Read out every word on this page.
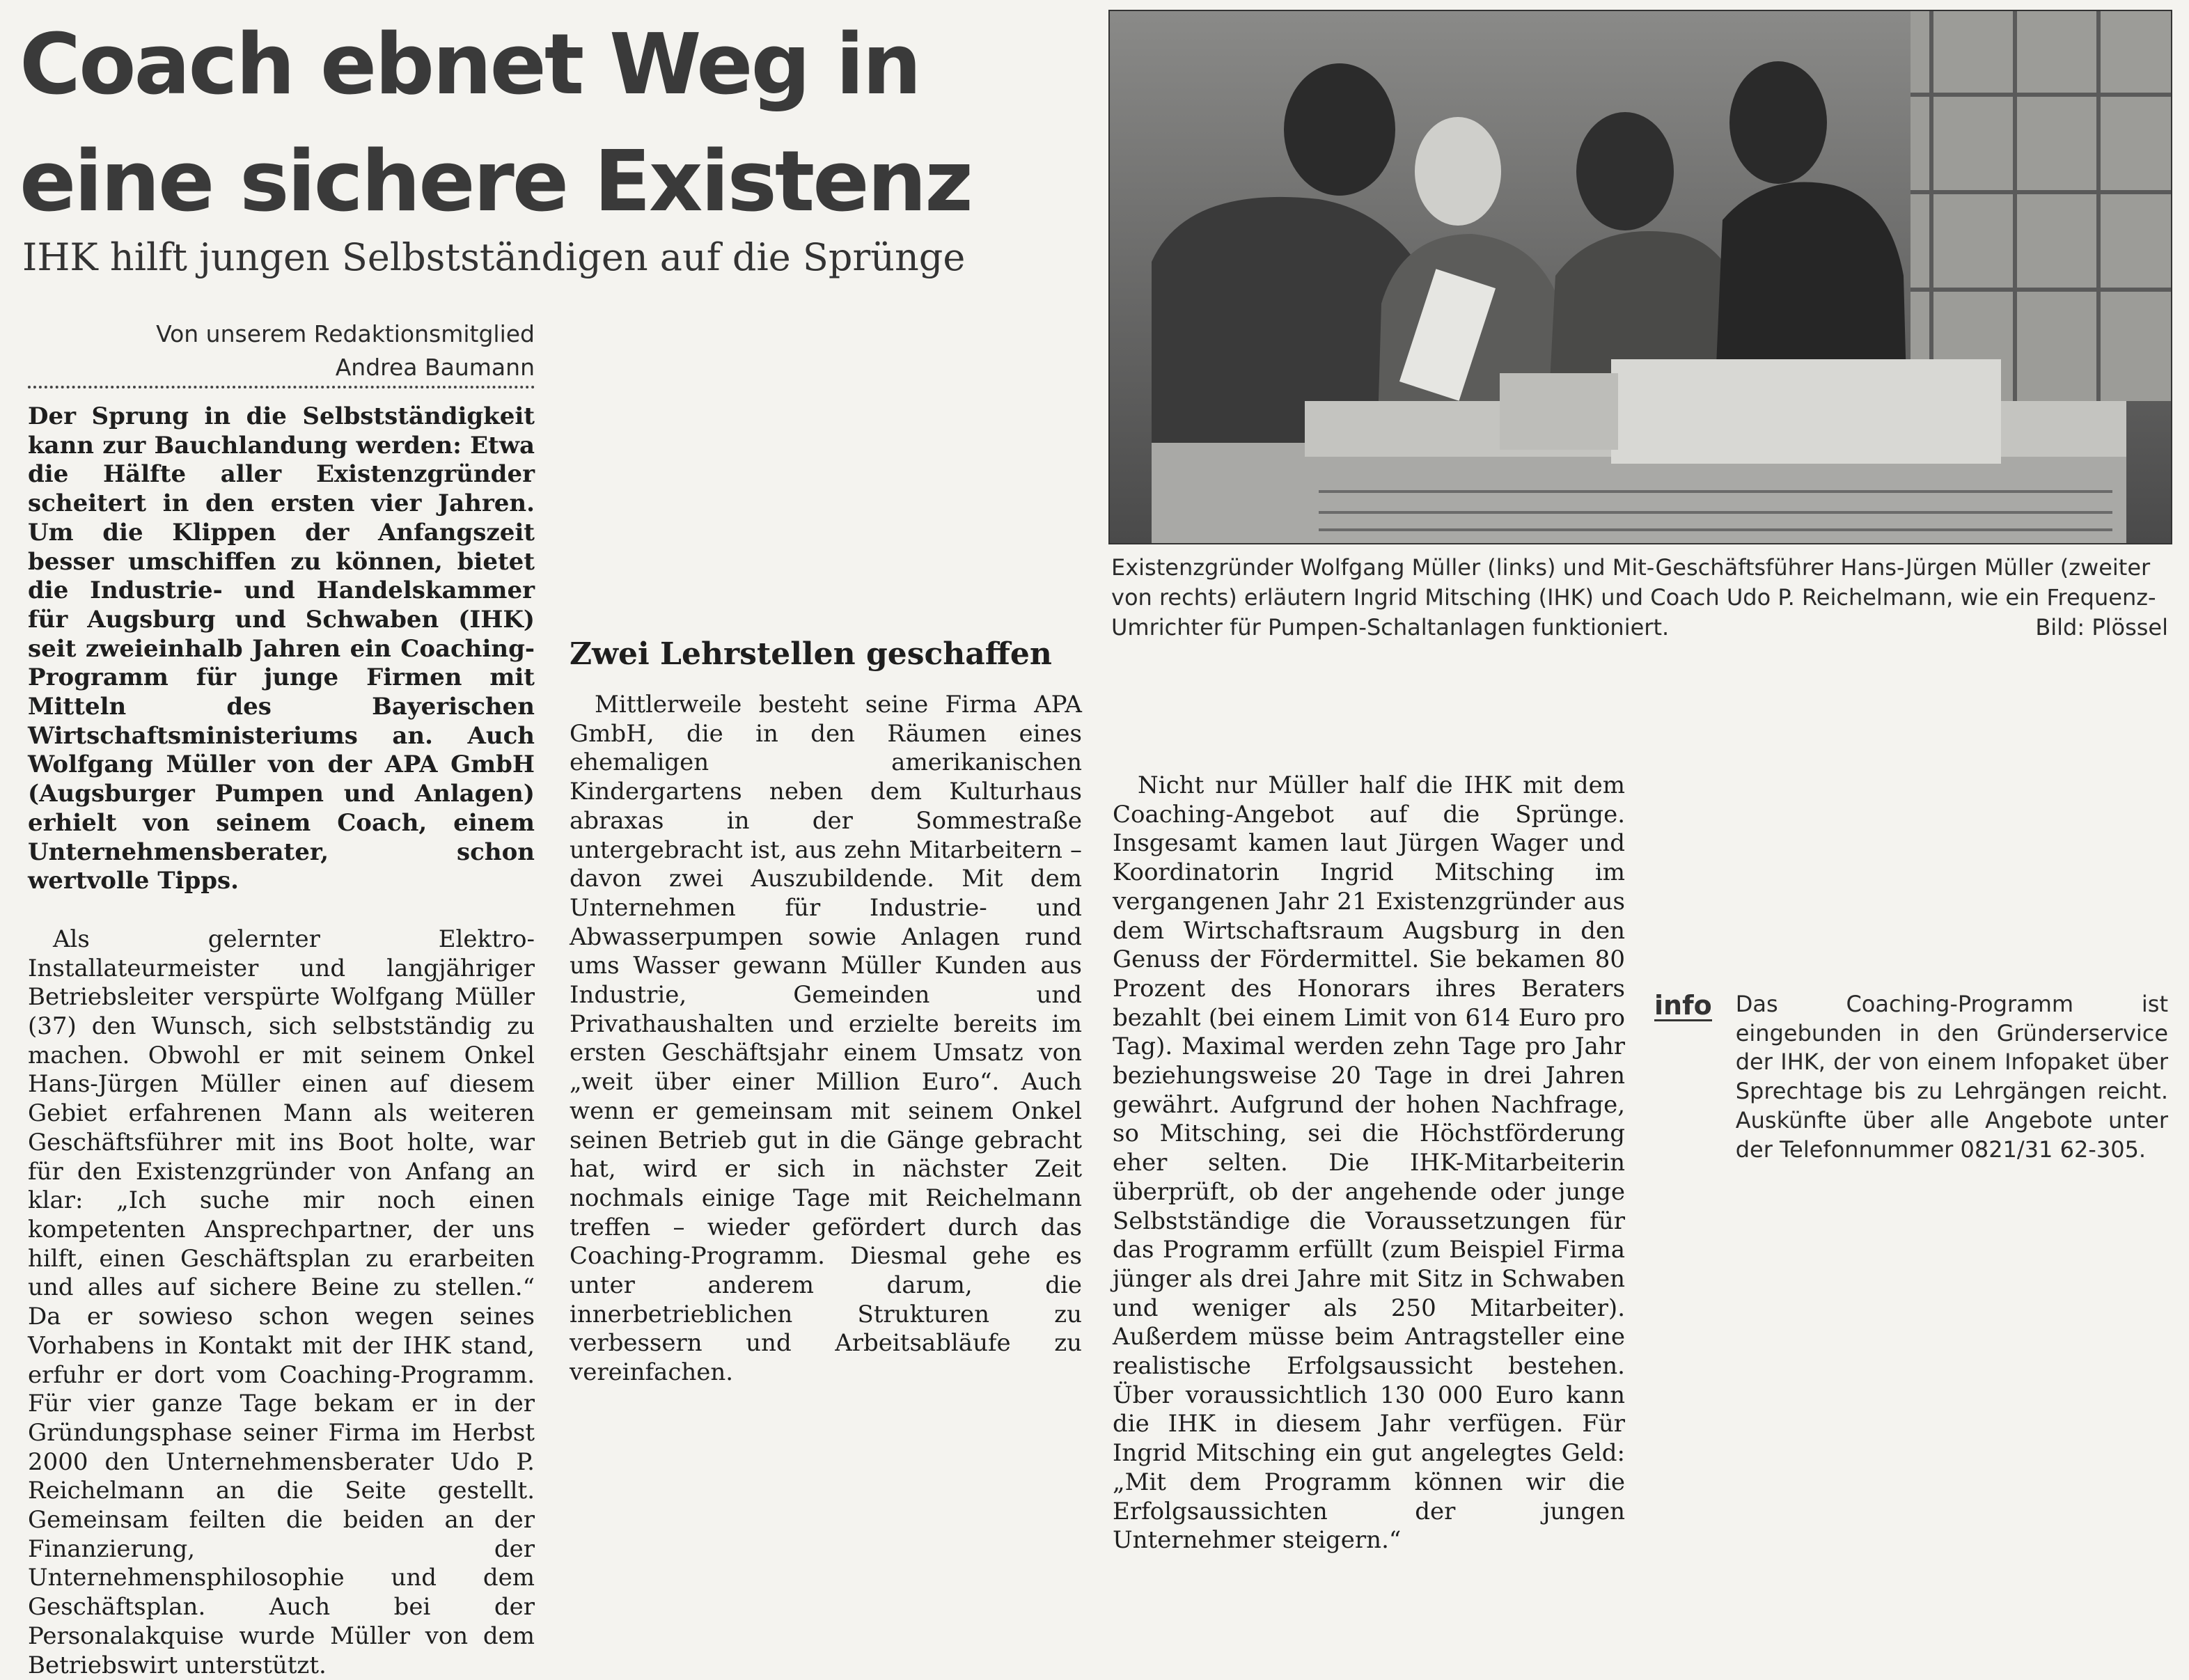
Coach ebnet Weg in eine sichere Existenz
IHK hilft jungen Selbstständigen auf die Sprünge
Von unserem Redaktionsmitglied
Andrea Baumann

Der Sprung in die Selbstständigkeit kann zur Bauchlandung werden: Etwa die Hälfte aller Existenzgründer scheitert in den ersten vier Jahren. Um die Klippen der Anfangszeit besser umschiffen zu können, bietet die Industrie- und Handelskammer für Augsburg und Schwaben (IHK) seit zweieinhalb Jahren ein Coaching-Programm für junge Firmen mit Mitteln des Bayerischen Wirtschaftsministeriums an. Auch Wolfgang Müller von der APA GmbH (Augsburger Pumpen und Anlagen) erhielt von seinem Coach, einem Unternehmensberater, schon wertvolle Tipps.

Als gelernter Elektro-Installateurmeister und langjähriger Betriebsleiter verspürte Wolfgang Müller (37) den Wunsch, sich selbstständig zu machen. Obwohl er mit seinem Onkel Hans-Jürgen Müller einen auf diesem Gebiet erfahrenen Mann als weiteren Geschäftsführer mit ins Boot holte, war für den Existenzgründer von Anfang an klar: „Ich suche mir noch einen kompetenten Ansprechpartner, der uns hilft, einen Geschäftsplan zu erarbeiten und alles auf sichere Beine zu stellen.“ Da er sowieso schon wegen seines Vorhabens in Kontakt mit der IHK stand, erfuhr er dort vom Coaching-Programm. Für vier ganze Tage bekam er in der Gründungsphase seiner Firma im Herbst 2000 den Unternehmensberater Udo P. Reichelmann an die Seite gestellt. Gemeinsam feilten die beiden an der Finanzierung, der Unternehmensphilosophie und dem Geschäftsplan. Auch bei der Personalakquise wurde Müller von dem Betriebswirt unterstützt.

Zwei Lehrstellen geschaffen

Mittlerweile besteht seine Firma APA GmbH, die in den Räumen eines ehemaligen amerikanischen Kindergartens neben dem Kulturhaus abraxas in der Sommestraße untergebracht ist, aus zehn Mitarbeitern – davon zwei Auszubildende. Mit dem Unternehmen für Industrie- und Abwasserpumpen sowie Anlagen rund ums Wasser gewann Müller Kunden aus Industrie, Gemeinden und Privathaushalten und erzielte bereits im ersten Geschäftsjahr einem Umsatz von „weit über einer Million Euro“. Auch wenn er gemeinsam mit seinem Onkel seinen Betrieb gut in die Gänge gebracht hat, wird er sich in nächster Zeit nochmals einige Tage mit Reichelmann treffen – wieder gefördert durch das Coaching-Programm. Diesmal gehe es unter anderem darum, die innerbetrieblichen Strukturen zu verbessern und Arbeitsabläufe zu vereinfachen.

Nicht nur Müller half die IHK mit dem Coaching-Angebot auf die Sprünge. Insgesamt kamen laut Jürgen Wager und Koordinatorin Ingrid Mitsching im vergangenen Jahr 21 Existenzgründer aus dem Wirtschaftsraum Augsburg in den Genuss der Fördermittel. Sie bekamen 80 Prozent des Honorars ihres Beraters bezahlt (bei einem Limit von 614 Euro pro Tag). Maximal werden zehn Tage pro Jahr beziehungsweise 20 Tage in drei Jahren gewährt. Aufgrund der hohen Nachfrage, so Mitsching, sei die Höchstförderung eher selten. Die IHK-Mitarbeiterin überprüft, ob der angehende oder junge Selbstständige die Voraussetzungen für das Programm erfüllt (zum Beispiel Firma jünger als drei Jahre mit Sitz in Schwaben und weniger als 250 Mitarbeiter). Außerdem müsse beim Antragsteller eine realistische Erfolgsaussicht bestehen. Über voraussichtlich 130 000 Euro kann die IHK in diesem Jahr verfügen. Für Ingrid Mitsching ein gut angelegtes Geld: „Mit dem Programm können wir die Erfolgsaussichten der jungen Unternehmer steigern.“

info Das Coaching-Programm ist eingebunden in den Gründerservice der IHK, der von einem Infopaket über Sprechtage bis zu Lehrgängen reicht. Auskünfte über alle Angebote unter der Telefonnummer 0821/31 62-305.
Existenzgründer Wolfgang Müller (links) und Mit-Geschäftsführer Hans-Jürgen Müller (zweiter von rechts) erläutern Ingrid Mitsching (IHK) und Coach Udo P. Reichelmann, wie ein Frequenz-Umrichter für Pumpen-Schaltanlagen funktioniert.	Bild: Plössel
